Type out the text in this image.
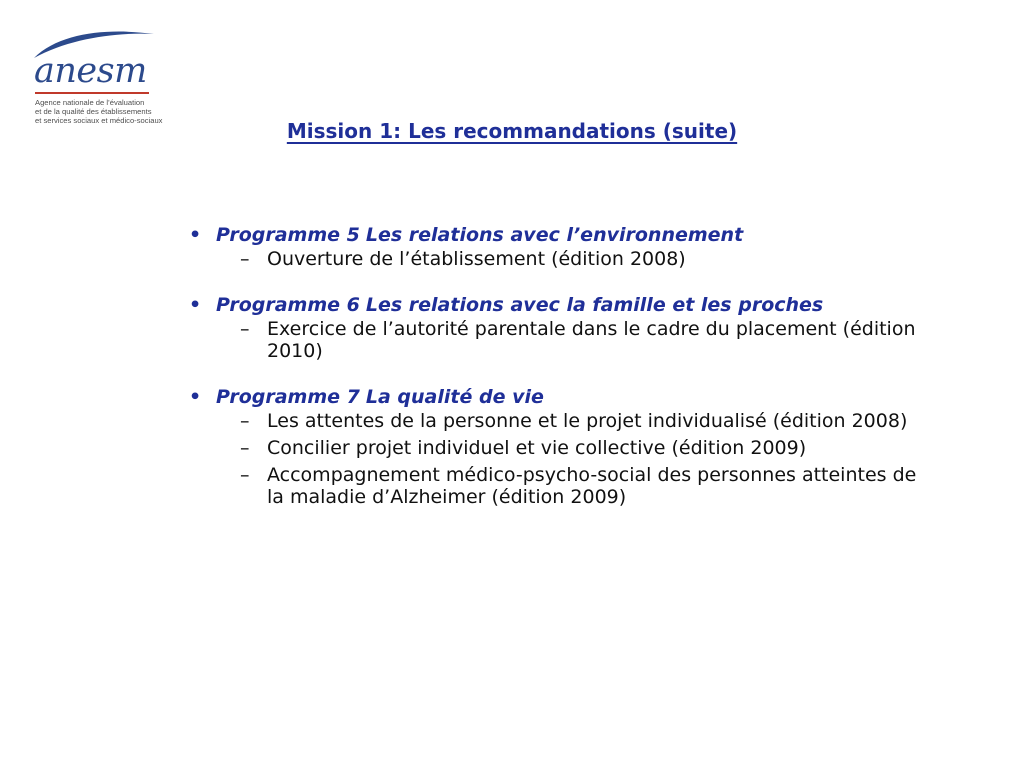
anesm
Agence nationale de l’évaluation
et de la qualité des établissements
et services sociaux et médico-sociaux	Mission 1: Les recommandations (suite)
• Programme 5 Les relations avec l’environnement
– Ouverture de l’établissement (édition 2008)
• Programme 6 Les relations avec la famille et les proches
– Exercice de l’autorité parentale dans le cadre du placement (édition 2010)
• Programme 7 La qualité de vie
– Les attentes de la personne et le projet individualisé (édition 2008)
– Concilier projet individuel et vie collective (édition 2009)
– Accompagnement médico-psycho-social des personnes atteintes de la maladie d’Alzheimer (édition 2009)
